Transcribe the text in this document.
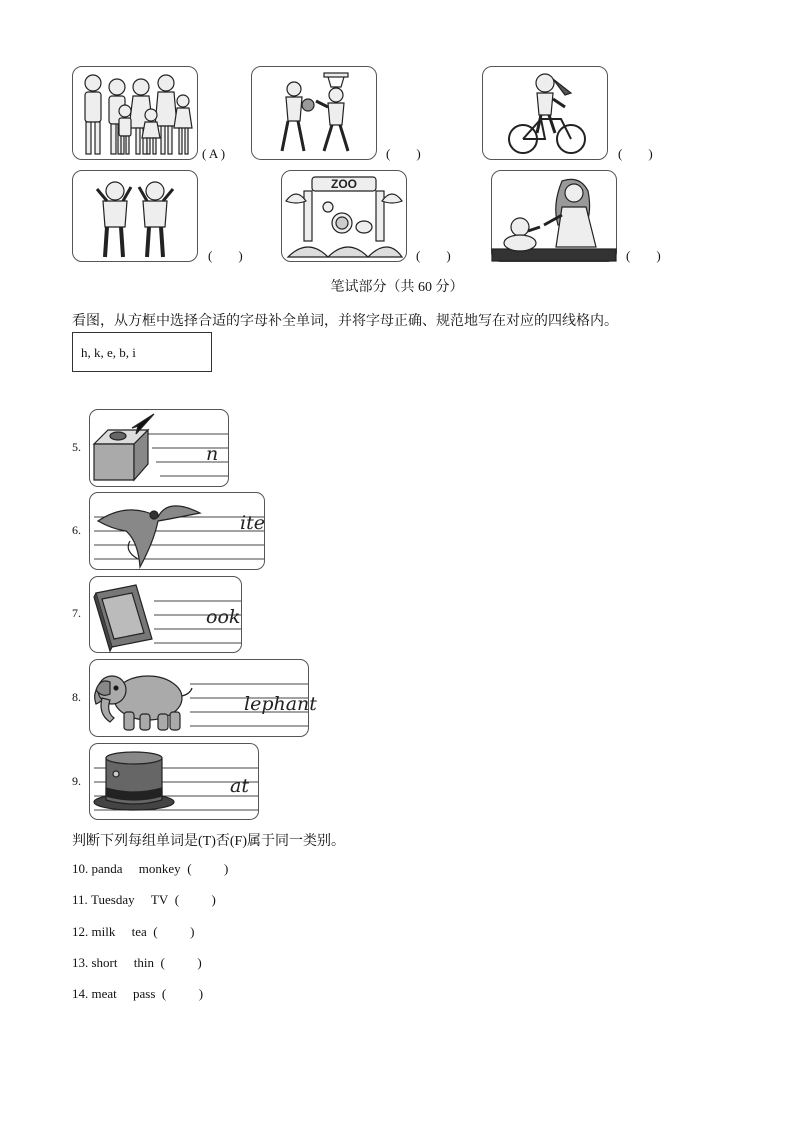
( A )	(        )	(        )
(        )
ZOO
(        )	(        )
笔试部分（共 60 分）
看图，从方框中选择合适的字母补全单词，并将字母正确、规范地写在对应的四线格内。
h, k, e, b, i
5.	n
6.	ite
7.	ook
8.	lephant
9.	at
判断下列每组单词是(T)否(F)属于同一类别。
10. panda monkey (          )
11. Tuesday TV (          )
12. milk tea (          )
13. short thin (          )
14. meat pass (          )
